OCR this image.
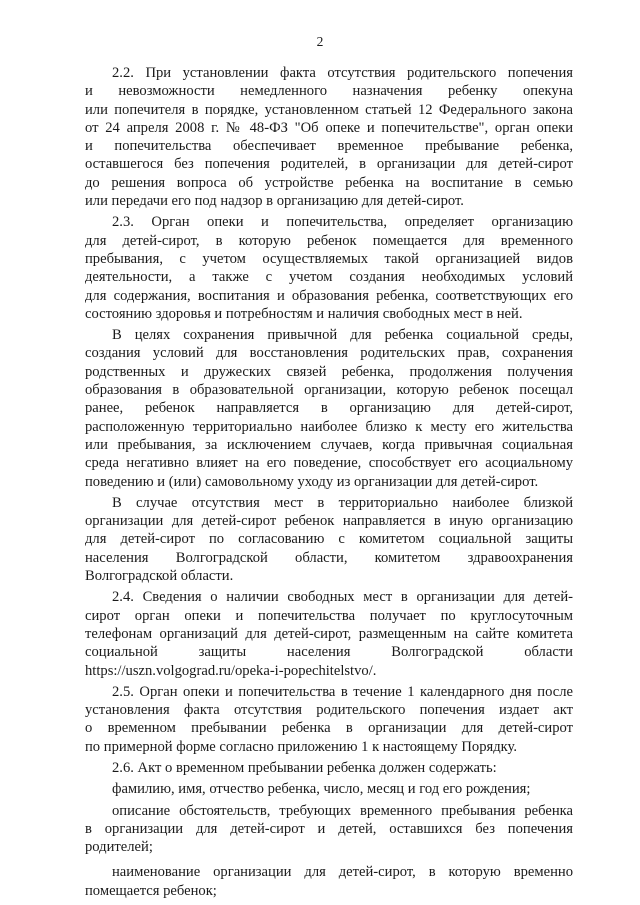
2

2.2. При установлении факта отсутствия родительского попечения
и невозможности немедленного назначения ребенку опекуна
или попечителя в порядке, установленном статьей 12 Федерального закона
от 24 апреля 2008 г. № 48-ФЗ "Об опеке и попечительстве", орган опеки
и попечительства обеспечивает временное пребывание ребенка,
оставшегося без попечения родителей, в организации для детей-сирот
до решения вопроса об устройстве ребенка на воспитание в семью
или передачи его под надзор в организацию для детей-сирот.

2.3. Орган опеки и попечительства, определяет организацию
для детей-сирот, в которую ребенок помещается для временного
пребывания, с учетом осуществляемых такой организацией видов
деятельности, а также с учетом создания необходимых условий
для содержания, воспитания и образования ребенка, соответствующих его
состоянию здоровья и потребностям и наличия свободных мест в ней.

В целях сохранения привычной для ребенка социальной среды,
создания условий для восстановления родительских прав, сохранения
родственных и дружеских связей ребенка, продолжения получения
образования в образовательной организации, которую ребенок посещал
ранее, ребенок направляется в организацию для детей-сирот,
расположенную территориально наиболее близко к месту его жительства
или пребывания, за исключением случаев, когда привычная социальная
среда негативно влияет на его поведение, способствует его асоциальному
поведению и (или) самовольному уходу из организации для детей-сирот.

В случае отсутствия мест в территориально наиболее близкой
организации для детей-сирот ребенок направляется в иную организацию
для детей-сирот по согласованию с комитетом социальной защиты
населения Волгоградской области, комитетом здравоохранения
Волгоградской области.

2.4. Сведения о наличии свободных мест в организации для детей-
сирот орган опеки и попечительства получает по круглосуточным
телефонам организаций для детей-сирот, размещенным на сайте комитета
социальной защиты населения Волгоградской области
https://uszn.volgograd.ru/opeka-i-popechitelstvo/.

2.5. Орган опеки и попечительства в течение 1 календарного дня после
установления факта отсутствия родительского попечения издает акт
о временном пребывании ребенка в организации для детей-сирот
по примерной форме согласно приложению 1 к настоящему Порядку.

2.6. Акт о временном пребывании ребенка должен содержать:

фамилию, имя, отчество ребенка, число, месяц и год его рождения;

описание обстоятельств, требующих временного пребывания ребенка
в организации для детей-сирот и детей, оставшихся без попечения
родителей;

наименование организации для детей-сирот, в которую временно
помещается ребенок;
